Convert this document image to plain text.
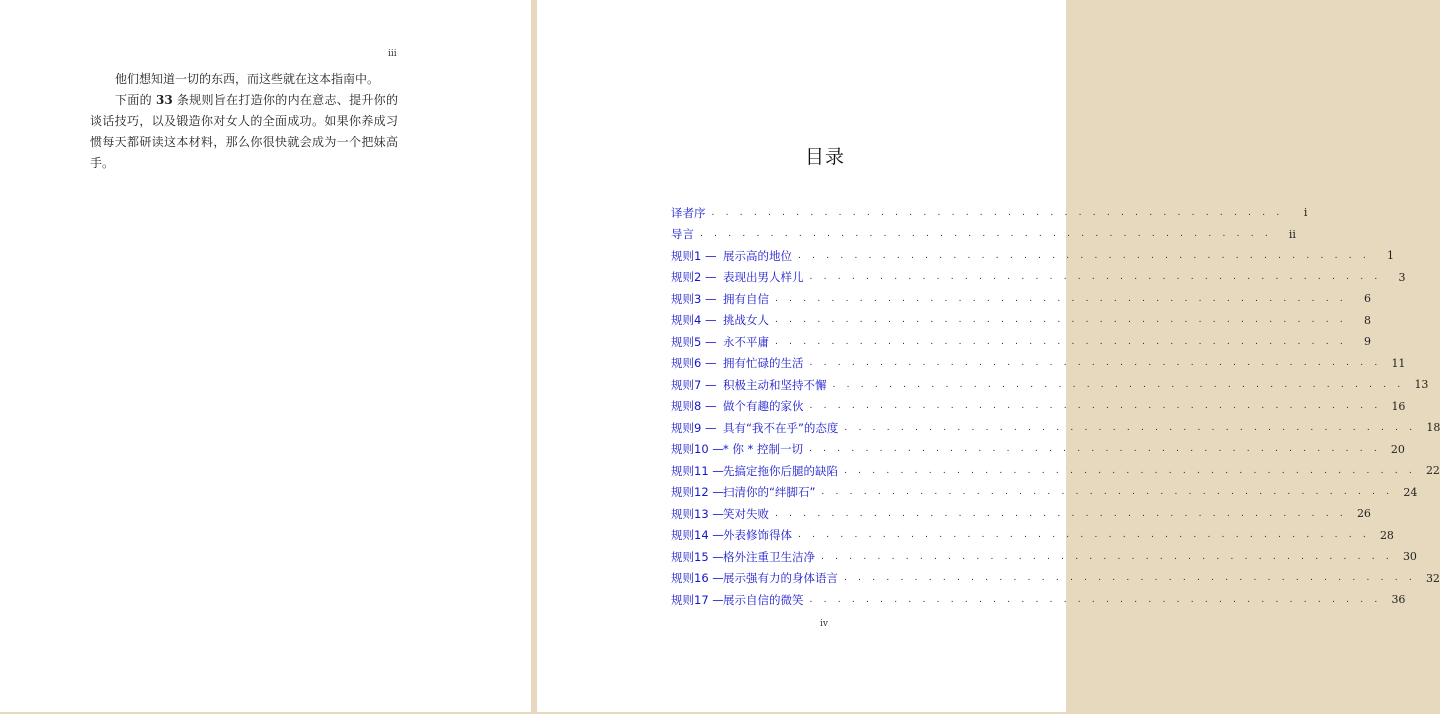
iii

他们想知道一切的东西，而这些就在这本指南中。

下面的 33 条规则旨在打造你的内在意志、提升你的谈话技巧，以及锻造你对女人的全面成功。如果你养成习惯每天都研读这本材料，那么你很快就会成为一个把妹高手。	目录
译者序 . . . . . . . . . . . . . . . . . . . . . . . . . . . . . . . . . . . . . . . . .	i
导言 . . . . . . . . . . . . . . . . . . . . . . . . . . . . . . . . . . . . . . . . .	ii
规则1 — 展示高的地位 . . . . . . . . . . . . . . . . . . . . . . . . . . . . . . . . . . . . . . . . .	1
规则2 — 表现出男人样儿 . . . . . . . . . . . . . . . . . . . . . . . . . . . . . . . . . . . . . . . . .	3
规则3 — 拥有自信 . . . . . . . . . . . . . . . . . . . . . . . . . . . . . . . . . . . . . . . . .	6
规则4 — 挑战女人 . . . . . . . . . . . . . . . . . . . . . . . . . . . . . . . . . . . . . . . . .	8
规则5 — 永不平庸 . . . . . . . . . . . . . . . . . . . . . . . . . . . . . . . . . . . . . . . . .	9
规则6 — 拥有忙碌的生活 . . . . . . . . . . . . . . . . . . . . . . . . . . . . . . . . . . . . . . . . . 11
规则7 — 积极主动和坚持不懈 . . . . . . . . . . . . . . . . . . . . . . . . . . . . . . . . . . . . . . . . . 13
规则8 — 做个有趣的家伙 . . . . . . . . . . . . . . . . . . . . . . . . . . . . . . . . . . . . . . . . . 16
规则9 — 具有“我不在乎”的态度 . . . . . . . . . . . . . . . . . . . . . . . . . . . . . . . . . . . . . . . . . 18
规则10 — * 你 * 控制一切 . . . . . . . . . . . . . . . . . . . . . . . . . . . . . . . . . . . . . . . . . 20
规则11 — 先搞定拖你后腿的缺陷 . . . . . . . . . . . . . . . . . . . . . . . . . . . . . . . . . . . . . . . . . 22
规则12 — 扫清你的“绊脚石” . . . . . . . . . . . . . . . . . . . . . . . . . . . . . . . . . . . . . . . . . 24
规则13 — 笑对失败 . . . . . . . . . . . . . . . . . . . . . . . . . . . . . . . . . . . . . . . . . 26
规则14 — 外表修饰得体 . . . . . . . . . . . . . . . . . . . . . . . . . . . . . . . . . . . . . . . . . 28
规则15 — 格外注重卫生洁净 . . . . . . . . . . . . . . . . . . . . . . . . . . . . . . . . . . . . . . . . . 30
规则16 — 展示强有力的身体语言 . . . . . . . . . . . . . . . . . . . . . . . . . . . . . . . . . . . . . . . . . 32
规则17 — 展示自信的微笑 . . . . . . . . . . . . . . . . . . . . . . . . . . . . . . . . . . . . . . . . . 36
iv
